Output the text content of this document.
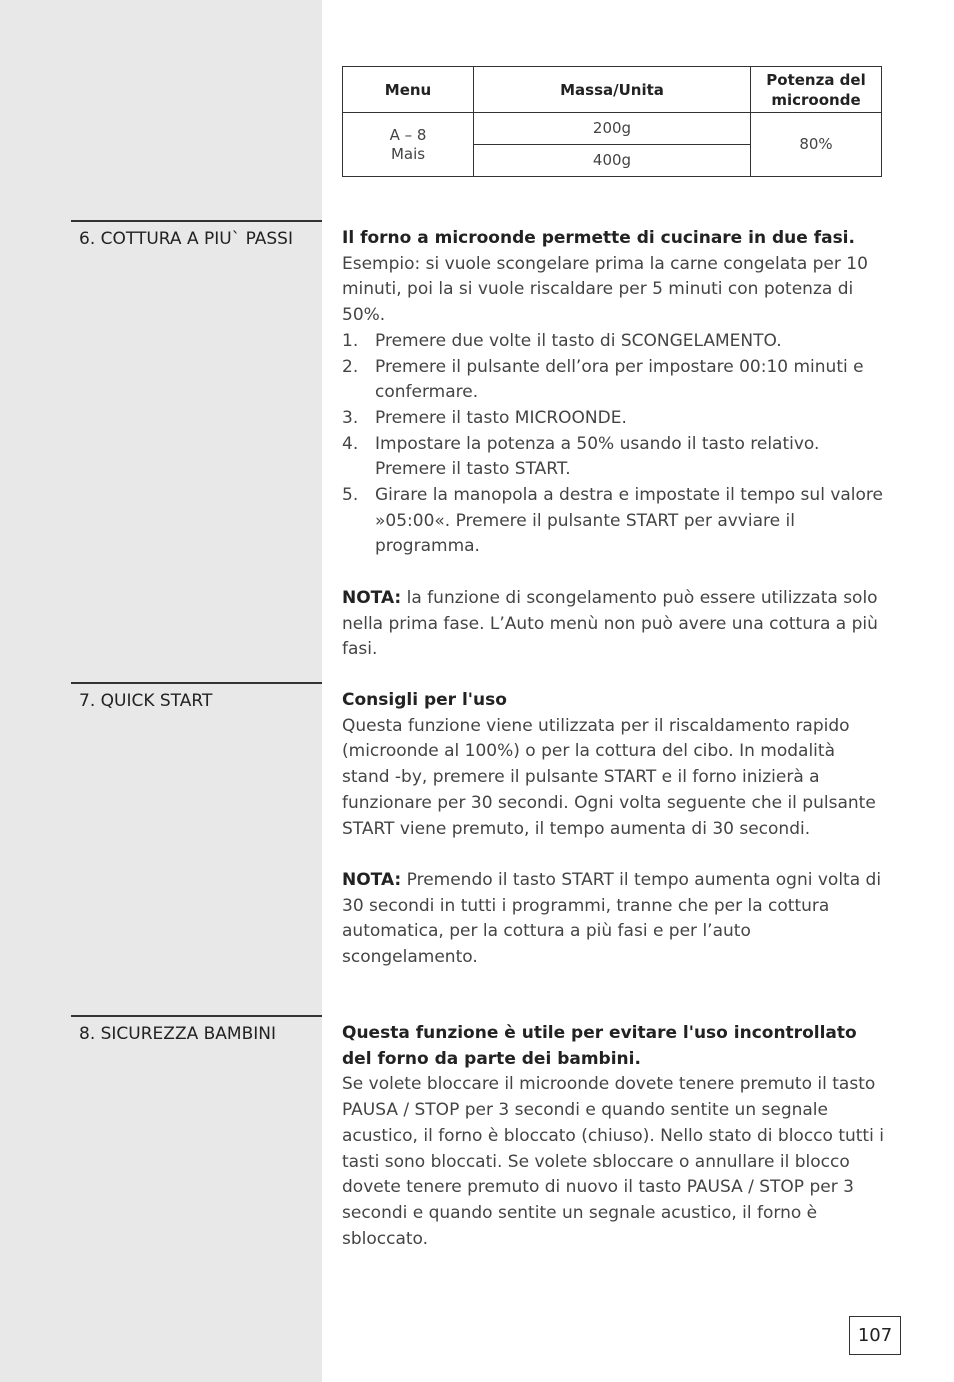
Menu	Massa/Unita	Potenza del microonde

A – 8
Mais	200g	80%
	400g	
6. COTTURA A PIU` PASSI	Il forno a microonde permette di cucinare in due fasi.

Esempio: si vuole scongelare prima la carne congelata per 10 minuti, poi la si vuole riscaldare per 5 minuti con potenza di 50%.

1. Premere due volte il tasto di SCONGELAMENTO.
2. Premere il pulsante dell’ora per impostare 00:10 minuti e confermare.
3. Premere il tasto MICROONDE.
4. Impostare la potenza a 50% usando il tasto relativo. Premere il tasto START.
5. Girare la manopola a destra e impostate il tempo sul valore »05:00«. Premere il pulsante START per avviare il programma.

NOTA: la funzione di scongelamento può essere utilizzata solo nella prima fase. L’Auto menù non può avere una cottura a più fasi.

7. QUICK START	Consigli per l'uso

Questa funzione viene utilizzata per il riscaldamento rapido (microonde al 100%) o per la cottura del cibo. In modalità stand -by, premere il pulsante START e il forno inizierà a funzionare per 30 secondi. Ogni volta seguente che il pulsante START viene premuto, il tempo aumenta di 30 secondi.

NOTA: Premendo il tasto START il tempo aumenta ogni volta di 30 secondi in tutti i programmi, tranne che per la cottura automatica, per la cottura a più fasi e per l’auto scongelamento.

8. SICUREZZA BAMBINI	Questa funzione è utile per evitare l'uso incontrollato del forno da parte dei bambini.

Se volete bloccare il microonde dovete tenere premuto il tasto PAUSA / STOP per 3 secondi e quando sentite un segnale acustico, il forno è bloccato (chiuso). Nello stato di blocco tutti i tasti sono bloccati. Se volete sbloccare o annullare il blocco dovete tenere premuto di nuovo il tasto PAUSA / STOP per 3 secondi e quando sentite un segnale acustico, il forno è sbloccato.

107
